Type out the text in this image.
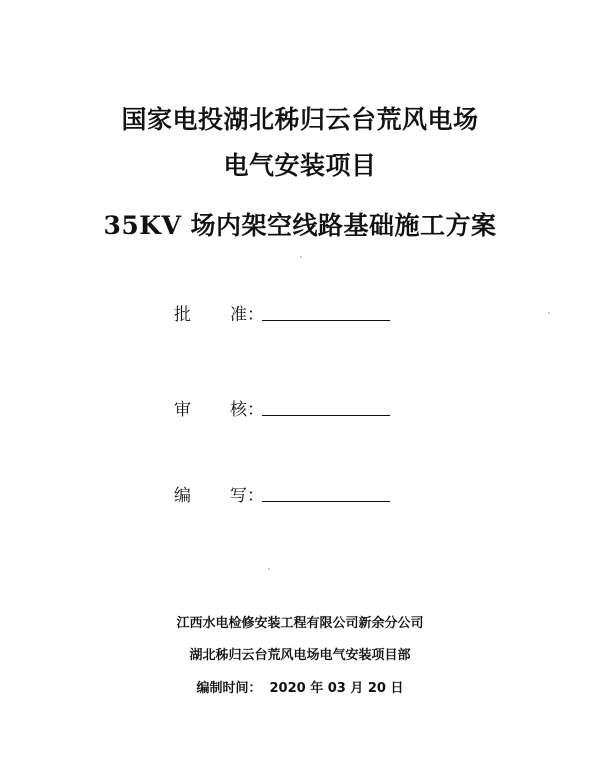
国家电投湖北秭归云台荒风电场
电气安装项目
35KV 场内架空线路基础施工方案
批 准：
审 核：
编 写：
江西水电检修安装工程有限公司新余分公司
湖北秭归云台荒风电场电气安装项目部
编制时间： 2020 年 03 月 20 日
